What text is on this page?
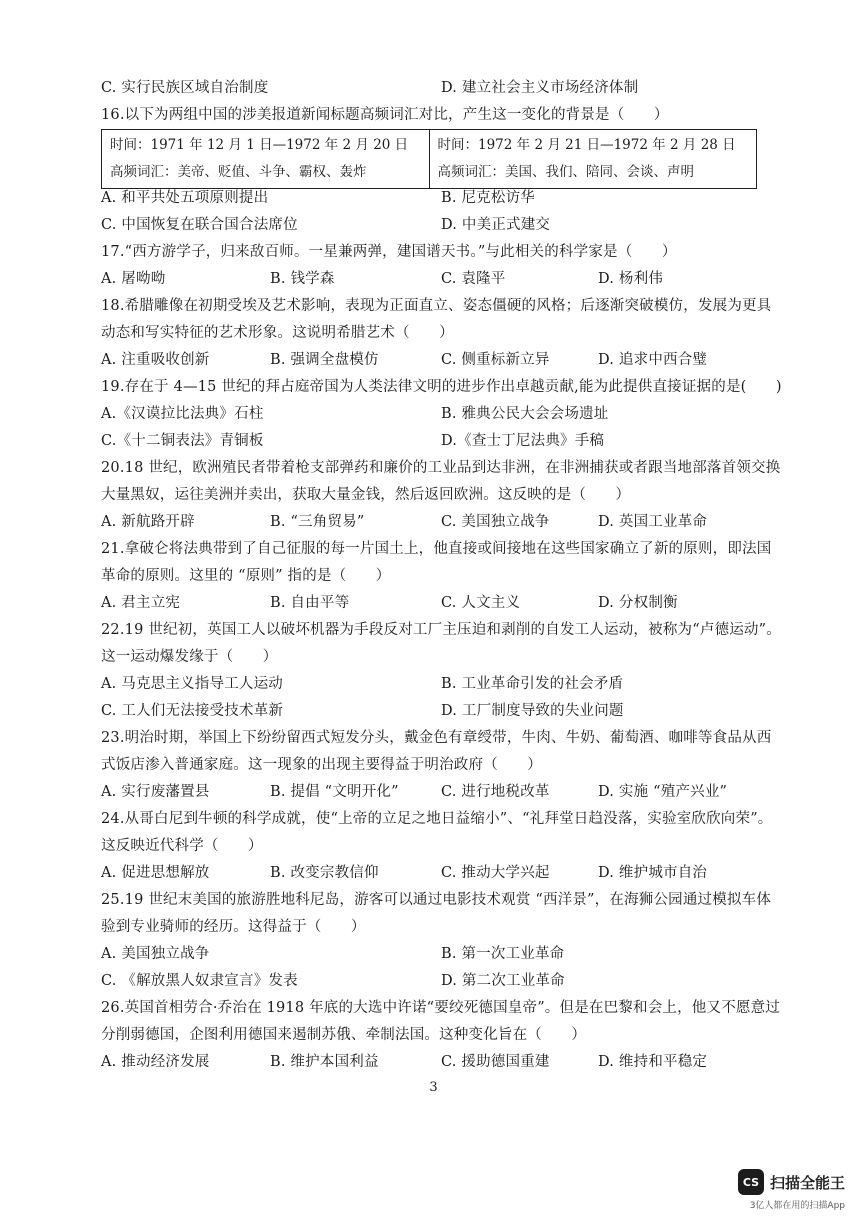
C. 实行民族区域自治制度	D. 建立社会主义市场经济体制
16.以下为两组中国的涉美报道新闻标题高频词汇对比，产生这一变化的背景是（　　）
时间：1971 年 12 月 1 日—1972 年 2 月 20 日
高频词汇：美帝、贬值、斗争、霸权、轰炸

时间：1972 年 2 月 21 日—1972 年 2 月 28 日
高频词汇：美国、我们、陪同、会谈、声明
A. 和平共处五项原则提出	B. 尼克松访华
C. 中国恢复在联合国合法席位	D. 中美正式建交
17.“西方游学子，归来敌百师。一星兼两弹，建国谱天书。”与此相关的科学家是（　　）
A. 屠呦呦	B. 钱学森	C. 袁隆平	D. 杨利伟
18.希腊雕像在初期受埃及艺术影响，表现为正面直立、姿态僵硬的风格；后逐渐突破模仿，发展为更具
动态和写实特征的艺术形象。这说明希腊艺术（　　）
A. 注重吸收创新	B. 强调全盘模仿	C. 侧重标新立异	D. 追求中西合璧
19.存在于 4—15 世纪的拜占庭帝国为人类法律文明的进步作出卓越贡献,能为此提供直接证据的是(　　)
A.《汉谟拉比法典》石柱	B. 雅典公民大会会场遗址
C.《十二铜表法》青铜板	D.《查士丁尼法典》手稿
20.18 世纪，欧洲殖民者带着枪支部弹药和廉价的工业品到达非洲，在非洲捕获或者跟当地部落首领交换
大量黑奴，运往美洲并卖出，获取大量金钱，然后返回欧洲。这反映的是（　　）
A. 新航路开辟	B. “三角贸易”	C. 美国独立战争	D. 英国工业革命
21.拿破仑将法典带到了自己征服的每一片国土上，他直接或间接地在这些国家确立了新的原则，即法国
革命的原则。这里的 “原则” 指的是（　　）
A. 君主立宪	B. 自由平等	C. 人文主义	D. 分权制衡
22.19 世纪初，英国工人以破坏机器为手段反对工厂主压迫和剥削的自发工人运动，被称为“卢德运动”。
这一运动爆发缘于（　　）
A. 马克思主义指导工人运动	B. 工业革命引发的社会矛盾
C. 工人们无法接受技术革新	D. 工厂制度导致的失业问题
23.明治时期，举国上下纷纷留西式短发分头，戴金色有章绶带，牛肉、牛奶、葡萄酒、咖啡等食品从西
式饭店渗入普通家庭。这一现象的出现主要得益于明治政府（　　）
A. 实行废藩置县	B. 提倡 “文明开化”	C. 进行地税改革	D. 实施 “殖产兴业”
24.从哥白尼到牛顿的科学成就，使“上帝的立足之地日益缩小”、“礼拜堂日趋没落，实验室欣欣向荣”。
这反映近代科学（　　）
A. 促进思想解放	B. 改变宗教信仰	C. 推动大学兴起	D. 维护城市自治
25.19 世纪末美国的旅游胜地科尼岛，游客可以通过电影技术观赏 “西洋景”，在海狮公园通过模拟车体
验到专业骑师的经历。这得益于（　　）
A. 美国独立战争	B. 第一次工业革命
C. 《解放黑人奴隶宣言》发表	D. 第二次工业革命
26.英国首相劳合·乔治在 1918 年底的大选中许诺“要绞死德国皇帝”。但是在巴黎和会上，他又不愿意过
分削弱德国，企图利用德国来遏制苏俄、牵制法国。这种变化旨在（　　）
A. 推动经济发展	B. 维护本国利益	C. 援助德国重建	D. 维持和平稳定
3
CS 扫描全能王
3亿人都在用的扫描App
